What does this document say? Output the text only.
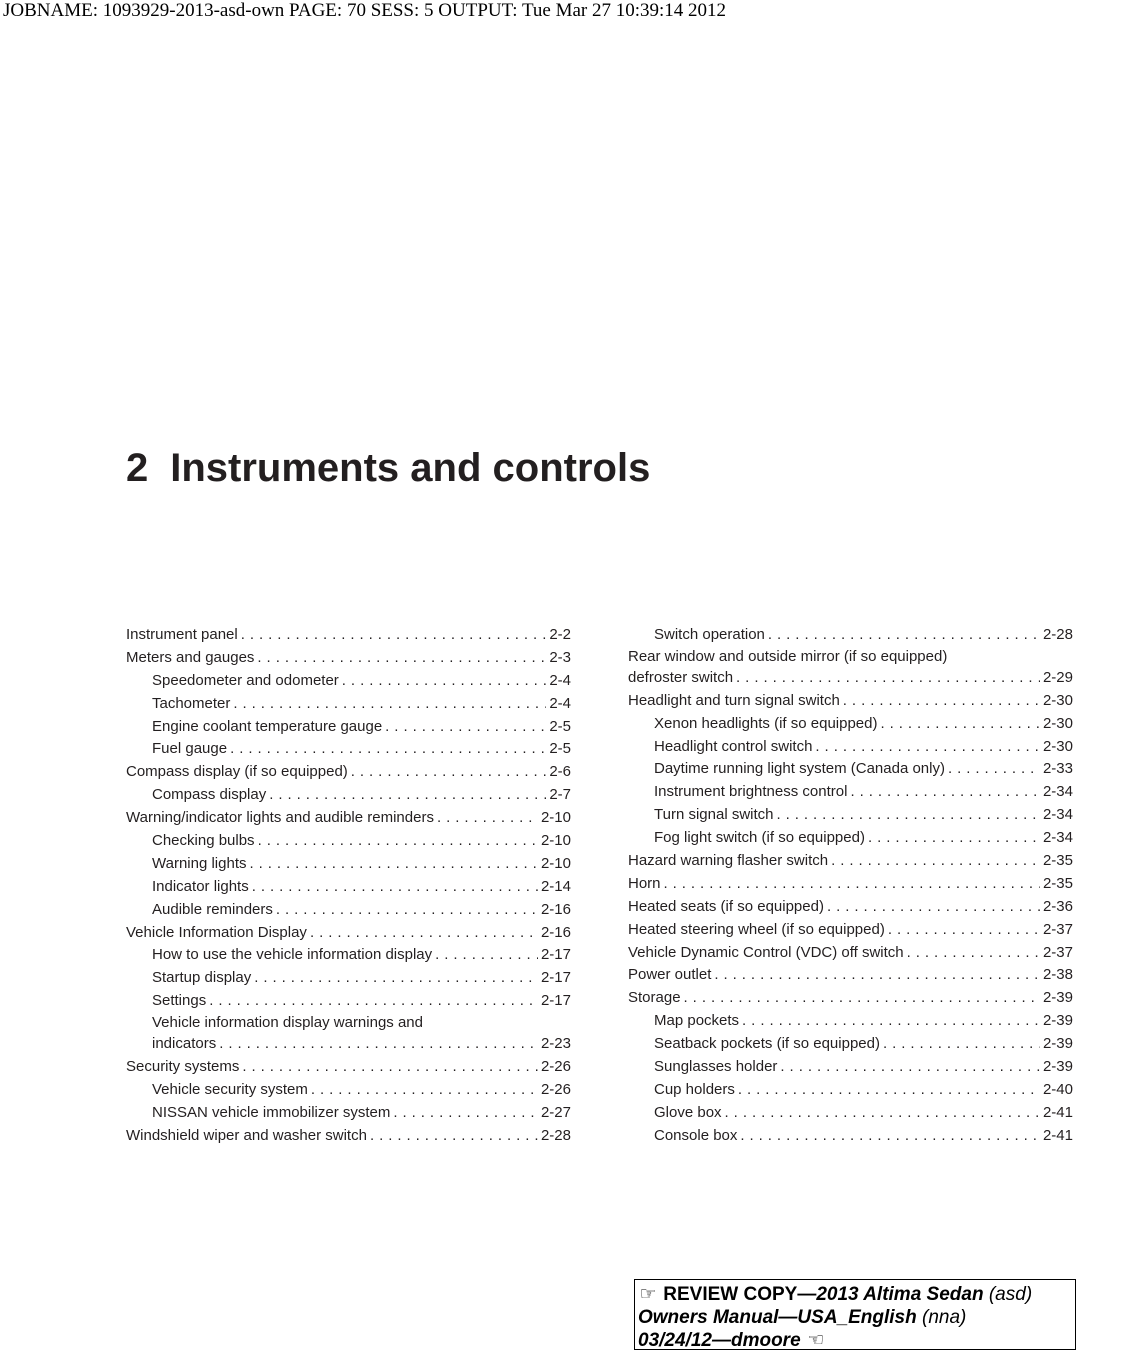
JOBNAME: 1093929-2013-asd-own PAGE: 70 SESS: 5 OUTPUT: Tue Mar 27 10:39:14 2012
2 Instruments and controls
Instrument panel . . .	2-2
Meters and gauges . . .	2-3
Speedometer and odometer . . .	2-4
Tachometer . . .	2-4
Engine coolant temperature gauge . . .	2-5
Fuel gauge . . .	2-5
Compass display (if so equipped) . . .	2-6
Compass display . . .	2-7
Warning/indicator lights and audible reminders . . .	2-10
Checking bulbs . . .	2-10
Warning lights . . .	2-10
Indicator lights . . .	2-14
Audible reminders . . .	2-16
Vehicle Information Display . . .	2-16
How to use the vehicle information display . . .	2-17
Startup display . . .	2-17
Settings . . .	2-17
Vehicle information display warnings and
indicators . . .	2-23
Security systems . . .	2-26
Vehicle security system . . .	2-26
NISSAN vehicle immobilizer system . . .	2-27
Windshield wiper and washer switch . . .	2-28
Switch operation . . .	2-28
Rear window and outside mirror (if so equipped)
defroster switch . . .	2-29
Headlight and turn signal switch . . .	2-30
Xenon headlights (if so equipped) . . .	2-30
Headlight control switch . . .	2-30
Daytime running light system (Canada only) . . .	2-33
Instrument brightness control . . .	2-34
Turn signal switch . . .	2-34
Fog light switch (if so equipped) . . .	2-34
Hazard warning flasher switch . . .	2-35
Horn . . .	2-35
Heated seats (if so equipped) . . .	2-36
Heated steering wheel (if so equipped) . . .	2-37
Vehicle Dynamic Control (VDC) off switch . . .	2-37
Power outlet . . .	2-38
Storage . . .	2-39
Map pockets . . .	2-39
Seatback pockets (if so equipped) . . .	2-39
Sunglasses holder . . .	2-39
Cup holders . . .	2-40
Glove box . . .	2-41
Console box . . .	2-41
☞ REVIEW COPY—2013 Altima Sedan (asd)
Owners Manual—USA_English (nna)
03/24/12—dmoore ☜
